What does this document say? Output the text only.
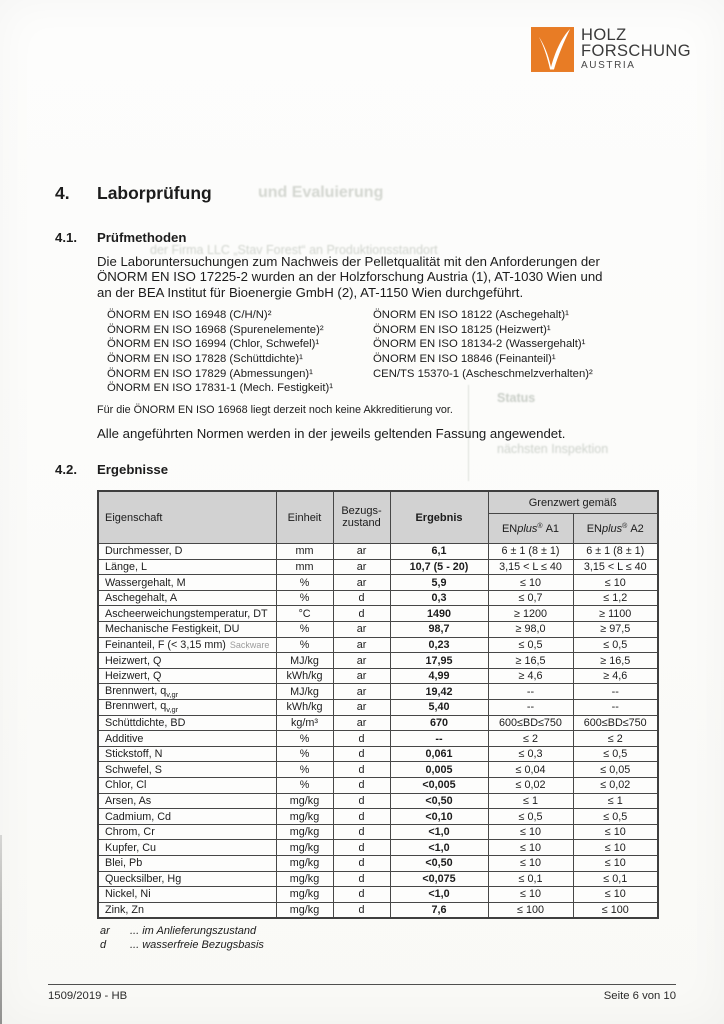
und Evaluierung
der Firma LLC „Stav Forest“ an Produktionsstandort
Status
nächsten Inspektion
HOLZ
FORSCHUNG
AUSTRIA
4.	Laborprüfung
4.1.	Prüfmethoden
Die Laboruntersuchungen zum Nachweis der Pelletqualität mit den Anforderungen der
ÖNORM EN ISO 17225-2 wurden an der Holzforschung Austria (1), AT-1030 Wien und
an der BEA Institut für Bioenergie GmbH (2), AT-1150 Wien durchgeführt.
ÖNORM EN ISO 16948 (C/H/N)²
ÖNORM EN ISO 16968 (Spurenelemente)²
ÖNORM EN ISO 16994 (Chlor, Schwefel)¹
ÖNORM EN ISO 17828 (Schüttdichte)¹
ÖNORM EN ISO 17829 (Abmessungen)¹
ÖNORM EN ISO 17831-1 (Mech. Festigkeit)¹
ÖNORM EN ISO 18122 (Aschegehalt)¹
ÖNORM EN ISO 18125 (Heizwert)¹
ÖNORM EN ISO 18134-2 (Wassergehalt)¹
ÖNORM EN ISO 18846 (Feinanteil)¹
CEN/TS 15370-1 (Ascheschmelzverhalten)²
Für die ÖNORM EN ISO 16968 liegt derzeit noch keine Akkreditierung vor.
Alle angeführten Normen werden in der jeweils geltenden Fassung angewendet.
4.2.	Ergebnisse
Eigenschaft	Einheit	Bezugs-
zustand	Ergebnis	Grenzwert gemäß	
				ENplus® A1	ENplus® A2
Durchmesser, D	mm	ar	6,1	6 ± 1 (8 ± 1)	6 ± 1 (8 ± 1)
Länge, L	mm	ar	10,7 (5 - 20)	3,15 < L ≤ 40	3,15 < L ≤ 40
Wassergehalt, M	%	ar	5,9	≤ 10	≤ 10
Aschegehalt, A	%	d	0,3	≤ 0,7	≤ 1,2
Ascheerweichungstemperatur, DT	°C	d	1490	≥ 1200	≥ 1100
Mechanische Festigkeit, DU	%	ar	98,7	≥ 98,0	≥ 97,5
Feinanteil, F (< 3,15 mm) Sackware	%	ar	0,23	≤ 0,5	≤ 0,5
Heizwert, Q	MJ/kg	ar	17,95	≥ 16,5	≥ 16,5
Heizwert, Q	kWh/kg	ar	4,99	≥ 4,6	≥ 4,6
Brennwert, $q_{v,gr}$	MJ/kg	ar	19,42	--	--
Brennwert, $q_{v,gr}$	kWh/kg	ar	5,40	--	--
Schüttdichte, BD	kg/m³	ar	670	600≤BD≤750	600≤BD≤750
Additive	%	d	--	≤ 2	≤ 2
Stickstoff, N	%	d	0,061	≤ 0,3	≤ 0,5
Schwefel, S	%	d	0,005	≤ 0,04	≤ 0,05
Chlor, Cl	%	d	<0,005	≤ 0,02	≤ 0,02
Arsen, As	mg/kg	d	<0,50	≤ 1	≤ 1
Cadmium, Cd	mg/kg	d	<0,10	≤ 0,5	≤ 0,5
Chrom, Cr	mg/kg	d	<1,0	≤ 10	≤ 10
Kupfer, Cu	mg/kg	d	<1,0	≤ 10	≤ 10
Blei, Pb	mg/kg	d	<0,50	≤ 10	≤ 10
Quecksilber, Hg	mg/kg	d	<0,075	≤ 0,1	≤ 0,1
Nickel, Ni	mg/kg	d	<1,0	≤ 10	≤ 10
Zink, Zn	mg/kg	d	7,6	≤ 100	≤ 100
ar	... im Anlieferungszustand
d	... wasserfreie Bezugsbasis
1509/2019 - HB	Seite 6 von 10
